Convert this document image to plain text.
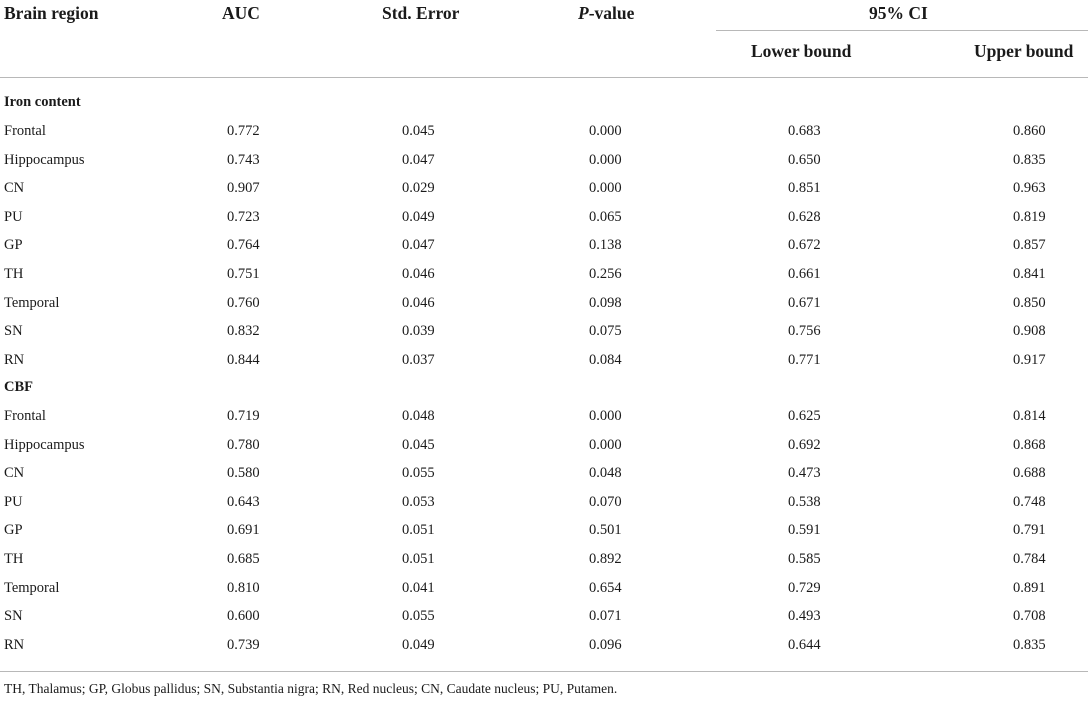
Brain region	AUC	Std. Error	P-value	95% CI
Lower bound	Upper bound
Iron content
Frontal	0.772	0.045	0.000	0.683	0.860
Hippocampus	0.743	0.047	0.000	0.650	0.835
CN	0.907	0.029	0.000	0.851	0.963
PU	0.723	0.049	0.065	0.628	0.819
GP	0.764	0.047	0.138	0.672	0.857
TH	0.751	0.046	0.256	0.661	0.841
Temporal	0.760	0.046	0.098	0.671	0.850
SN	0.832	0.039	0.075	0.756	0.908
RN	0.844	0.037	0.084	0.771	0.917
CBF
Frontal	0.719	0.048	0.000	0.625	0.814
Hippocampus	0.780	0.045	0.000	0.692	0.868
CN	0.580	0.055	0.048	0.473	0.688
PU	0.643	0.053	0.070	0.538	0.748
GP	0.691	0.051	0.501	0.591	0.791
TH	0.685	0.051	0.892	0.585	0.784
Temporal	0.810	0.041	0.654	0.729	0.891
SN	0.600	0.055	0.071	0.493	0.708
RN	0.739	0.049	0.096	0.644	0.835
TH, Thalamus; GP, Globus pallidus; SN, Substantia nigra; RN, Red nucleus; CN, Caudate nucleus; PU, Putamen.
